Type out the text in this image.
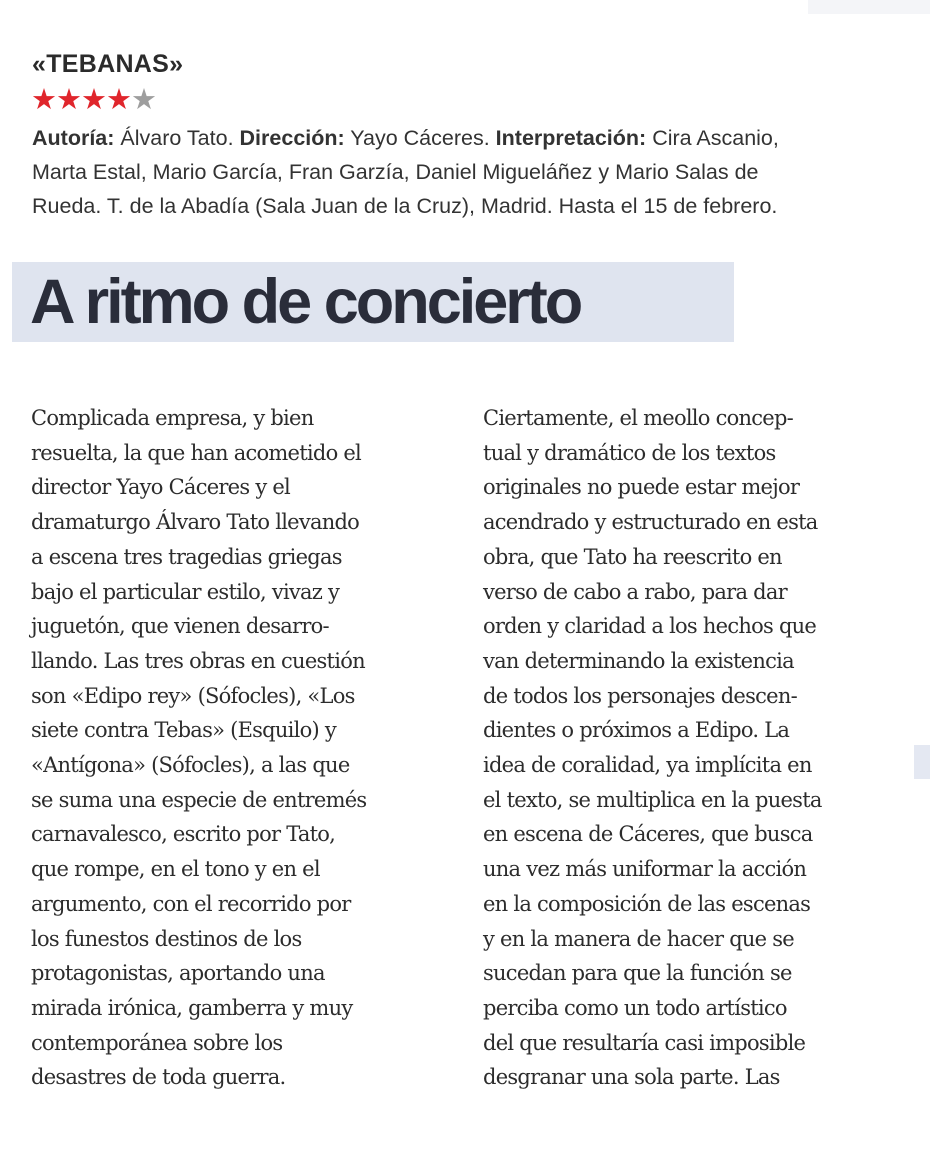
«TEBANAS»
★★★★★
Autoría: Álvaro Tato. Dirección: Yayo Cáceres. Interpretación: Cira Ascanio,
Marta Estal, Mario García, Fran Garzía, Daniel Migueláñez y Mario Salas de
Rueda. T. de la Abadía (Sala Juan de la Cruz), Madrid. Hasta el 15 de febrero.
A ritmo de concierto
Complicada empresa, y bien
resuelta, la que han acometido el
director Yayo Cáceres y el
dramaturgo Álvaro Tato llevando
a escena tres tragedias griegas
bajo el particular estilo, vivaz y
juguetón, que vienen desarro-
llando. Las tres obras en cuestión
son «Edipo rey» (Sófocles), «Los
siete contra Tebas» (Esquilo) y
«Antígona» (Sófocles), a las que
se suma una especie de entremés
carnavalesco, escrito por Tato,
que rompe, en el tono y en el
argumento, con el recorrido por
los funestos destinos de los
protagonistas, aportando una
mirada irónica, gamberra y muy
contemporánea sobre los
desastres de toda guerra.
Ciertamente, el meollo concep-
tual y dramático de los textos
originales no puede estar mejor
acendrado y estructurado en esta
obra, que Tato ha reescrito en
verso de cabo a rabo, para dar
orden y claridad a los hechos que
van determinando la existencia
de todos los personajes descen-
dientes o próximos a Edipo. La
idea de coralidad, ya implícita en
el texto, se multiplica en la puesta
en escena de Cáceres, que busca
una vez más uniformar la acción
en la composición de las escenas
y en la manera de hacer que se
sucedan para que la función se
perciba como un todo artístico
del que resultaría casi imposible
desgranar una sola parte. Las
